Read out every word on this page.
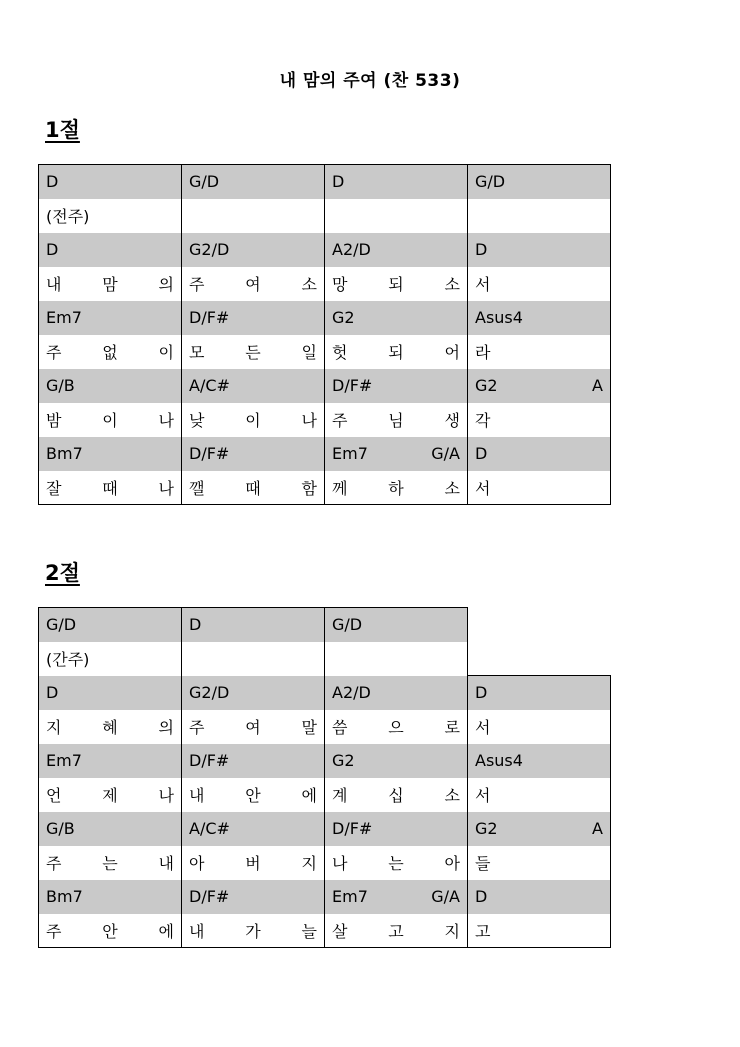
내 맘의 주여 (찬 533)
1절
D	G/D	D	G/D

(전주)			

D	G2/D	A2/D	D

내 맘 의	주 여 소	망 되 소	서

Em7	D/F#	G2	Asus4

주 없 이	모 든 일	헛 되 어	라

G/B	A/C#	D/F#	G2 A

밤 이 나	낮 이 나	주 님 생	각

Bm7	D/F#	Em7 G/A	D

잘 때 나	깰 때 함	께 하 소	서
2절
G/D	D	G/D	

(간주)			

D	G2/D	A2/D	D

지 혜 의	주 여 말	씀 으 로	서

Em7	D/F#	G2	Asus4

언 제 나	내 안 에	계 십 소	서

G/B	A/C#	D/F#	G2 A

주 는 내	아 버 지	나 는 아	들

Bm7	D/F#	Em7 G/A	D

주 안 에	내 가 늘	살 고 지	고
